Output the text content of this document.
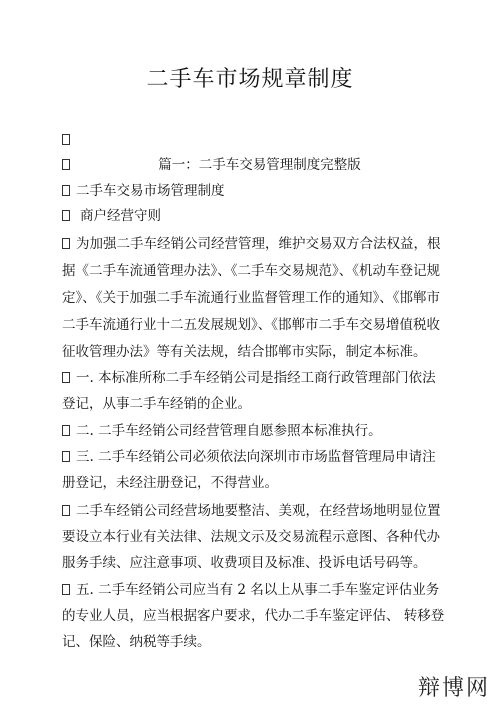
二手车市场规章制度
篇一：二手车交易管理制度完整版
二手车交易市场管理制度
商户经营守则
为加强二手车经销公司经营管理，维护交易双方合法权益，根
据《二手车流通管理办法》、《二手车交易规范》、《机动车登记规
定》、《关于加强二手车流通行业监督管理工作的通知》、《邯郸市
二手车流通行业十二五发展规划》、《邯郸市二手车交易增值税收
征收管理办法》等有关法规，结合邯郸市实际，制定本标准。
一. 本标准所称二手车经销公司是指经工商行政管理部门依法
登记，从事二手车经销的企业。
二. 二手车经销公司经营管理自愿参照本标准执行。
三. 二手车经销公司必须依法向深圳市市场监督管理局申请注
册登记，未经注册登记，不得营业。
二手车经销公司经营场地要整洁、美观，在经营场地明显位置
要设立本行业有关法律、法规文示及交易流程示意图、各种代办
服务手续、应注意事项、收费项目及标准、投诉电话号码等。
五. 二手车经销公司应当有 2 名以上从事二手车鉴定评估业务
的专业人员，应当根据客户要求，代办二手车鉴定评估、 转移登
记、保险、纳税等手续。
辩博网
